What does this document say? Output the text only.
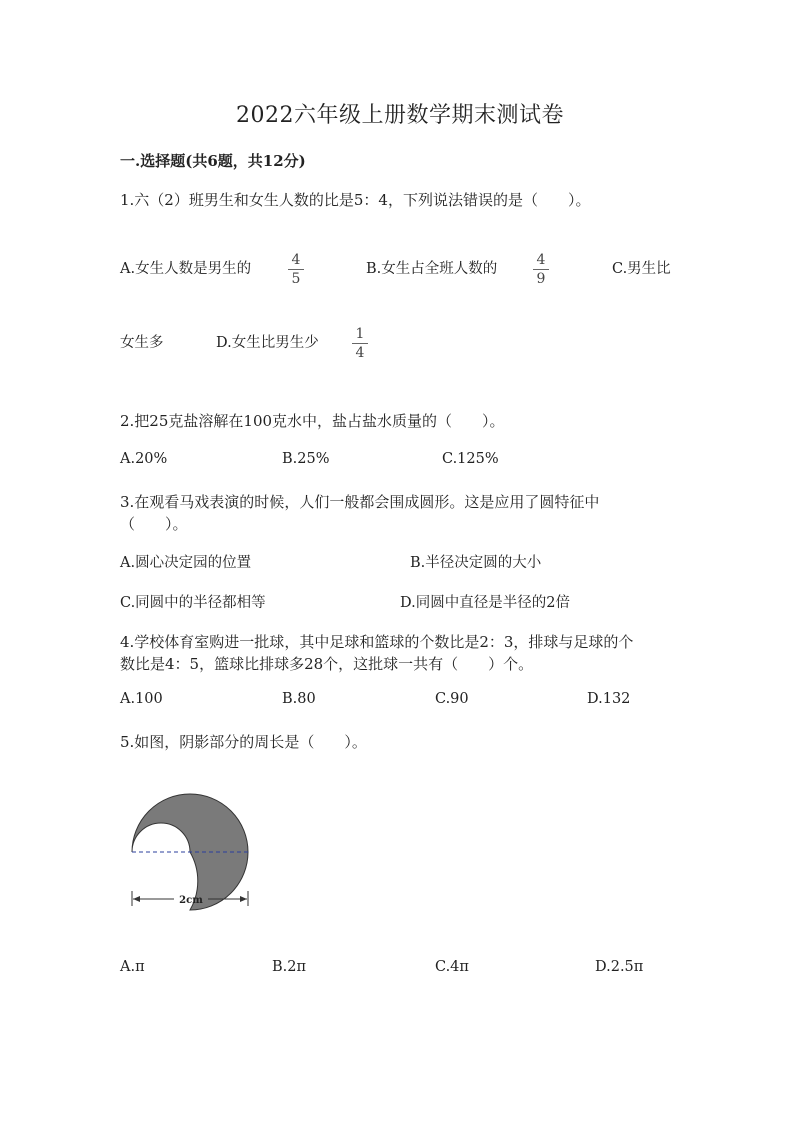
2022六年级上册数学期末测试卷
一.选择题(共6题，共12分)
1.六（2）班男生和女生人数的比是5：4，下列说法错误的是（　　）。
A.女生人数是男生的
4
5
B.女生占全班人数的
4
9
C.男生比
女生多	D.女生比男生少
1
4
2.把25克盐溶解在100克水中，盐占盐水质量的（　　）。
A.20%	B.25%	C.125%
3.在观看马戏表演的时候，人们一般都会围成圆形。这是应用了圆特征中
（　　）。
A.圆心决定园的位置	B.半径决定圆的大小
C.同圆中的半径都相等	D.同圆中直径是半径的2倍
4.学校体育室购进一批球，其中足球和篮球的个数比是2：3，排球与足球的个
数比是4：5，篮球比排球多28个，这批球一共有（　　）个。
A.100	B.80	C.90	D.132
5.如图，阴影部分的周长是（　　）。
2cm
A.π	B.2π	C.4π	D.2.5π
